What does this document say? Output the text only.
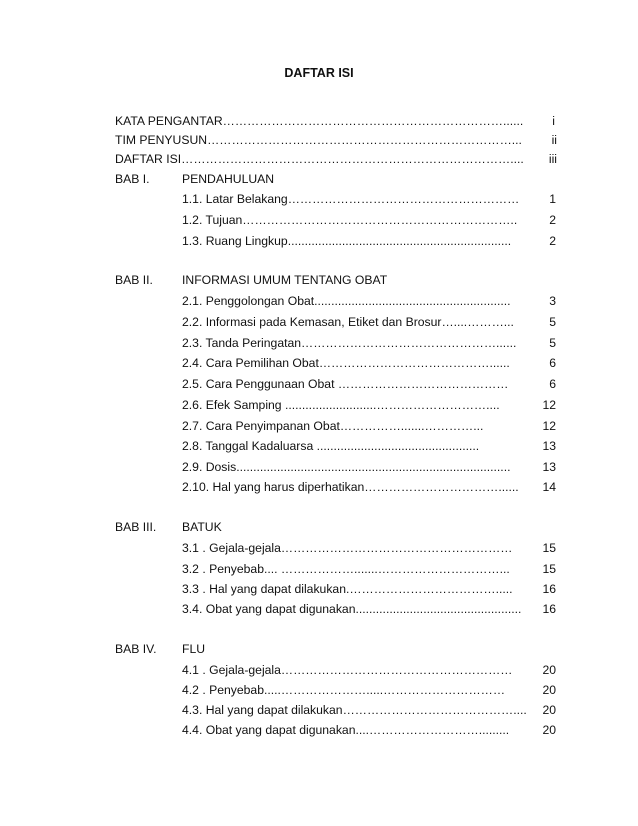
DAFTAR ISI
KATA PENGANTAR……………………………………………………………......	i
TIM PENYUSUN…………………………………………………………………...	ii
DAFTAR ISI………………………………………………………………………....	iii
BAB I.	PENDAHULUAN
1.1. Latar Belakang…………………………………………………	1
1.2. Tujuan…………………………………………………………..	2
1.3. Ruang Lingkup..................................................................	2
BAB II. INFORMASI UMUM TENTANG OBAT
2.1. Penggolongan Obat..........................................................	3
2.2. Informasi pada Kemasan, Etiket dan Brosur…....………...	5
2.3. Tanda Peringatan…………………………………………......	5
2.4. Cara Pemilihan Obat……………………………………......	6
2.5. Cara Penggunaan Obat ……………………………………	6
2.6. Efek Samping ...........................………………………....	12
2.7. Cara Penyimpanan Obat…………….......…………...	12
2.8. Tanggal Kadaluarsa ................................................	13
2.9. Dosis.................................................................................	13
2.10. Hal yang harus diperhatikan……………………………......	14
BAB III. BATUK
3.1 . Gejala-gejala…………………………………………………	15
3.2 . Penyebab.... ……………….......…………………………...	15
3.3 . Hal yang dapat dilakukan.……………………………….....	16
3.4. Obat yang dapat digunakan.................................................	16
BAB IV. FLU
4.1 . Gejala-gejala…………………………………………………	20
4.2 . Penyebab.....………………….....…………………………	20
4.3. Hal yang dapat dilakukan……………………………………....	20
4.4. Obat yang dapat digunakan....……………………….........	20
